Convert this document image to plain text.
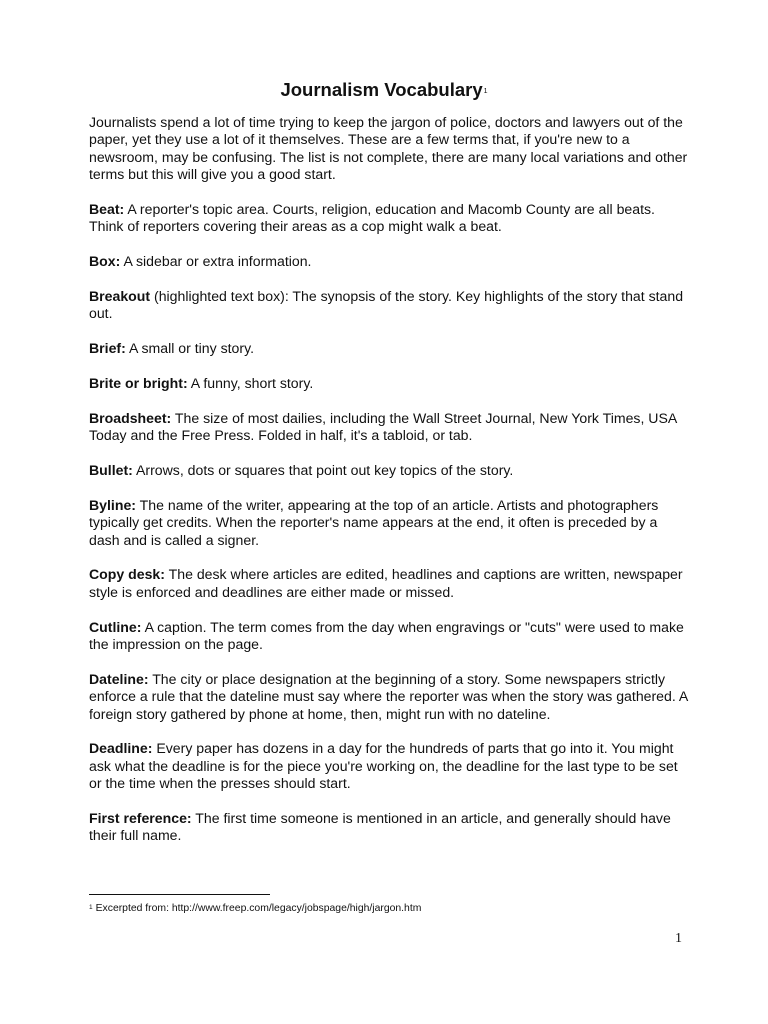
Journalism Vocabulary$^1$

Journalists spend a lot of time trying to keep the jargon of police, doctors and lawyers out of the paper, yet they use a lot of it themselves. These are a few terms that, if you're new to a newsroom, may be confusing. The list is not complete, there are many local variations and other terms but this will give you a good start.

Beat: A reporter's topic area. Courts, religion, education and Macomb County are all beats. Think of reporters covering their areas as a cop might walk a beat.

Box: A sidebar or extra information.

Breakout (highlighted text box): The synopsis of the story. Key highlights of the story that stand out.

Brief: A small or tiny story.

Brite or bright: A funny, short story.

Broadsheet: The size of most dailies, including the Wall Street Journal, New York Times, USA Today and the Free Press. Folded in half, it's a tabloid, or tab.

Bullet: Arrows, dots or squares that point out key topics of the story.

Byline: The name of the writer, appearing at the top of an article. Artists and photographers typically get credits. When the reporter's name appears at the end, it often is preceded by a dash and is called a signer.

Copy desk: The desk where articles are edited, headlines and captions are written, newspaper style is enforced and deadlines are either made or missed.

Cutline: A caption. The term comes from the day when engravings or "cuts" were used to make the impression on the page.

Dateline: The city or place designation at the beginning of a story. Some newspapers strictly enforce a rule that the dateline must say where the reporter was when the story was gathered. A foreign story gathered by phone at home, then, might run with no dateline.

Deadline: Every paper has dozens in a day for the hundreds of parts that go into it. You might ask what the deadline is for the piece you're working on, the deadline for the last type to be set or the time when the presses should start.

First reference: The first time someone is mentioned in an article, and generally should have their full name.

$^1$ Excerpted from: http://www.freep.com/legacy/jobspage/high/jargon.htm
1
